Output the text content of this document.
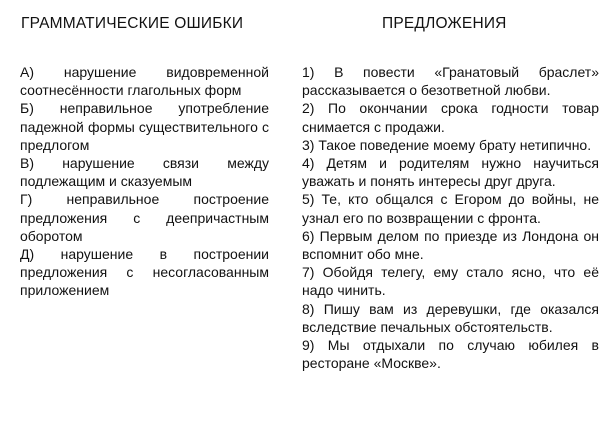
ГРАММАТИЧЕСКИЕ ОШИБКИ	ПРЕДЛОЖЕНИЯ
А) нарушение видовременной соотнесённости глагольных форм
Б) неправильное употребление падежной формы существительного с предлогом
В) нарушение связи между подлежащим и сказуемым
Г) неправильное построение предложения с деепричастным оборотом
Д) нарушение в построении предложения с несогласованным приложением
1) В повести «Гранатовый браслет» рассказывается о безответной любви.
2) По окончании срока годности товар снимается с продажи.
3) Такое поведение моему брату нетипично.
4) Детям и родителям нужно научиться уважать и понять интересы друг друга.
5) Те, кто общался с Егором до войны, не узнал его по возвращении с фронта.
6) Первым делом по приезде из Лондона он вспомнит обо мне.
7) Обойдя телегу, ему стало ясно, что её надо чинить.
8) Пишу вам из деревушки, где оказался вследствие печальных обстоятельств.
9) Мы отдыхали по случаю юбилея в ресторане «Москве».
